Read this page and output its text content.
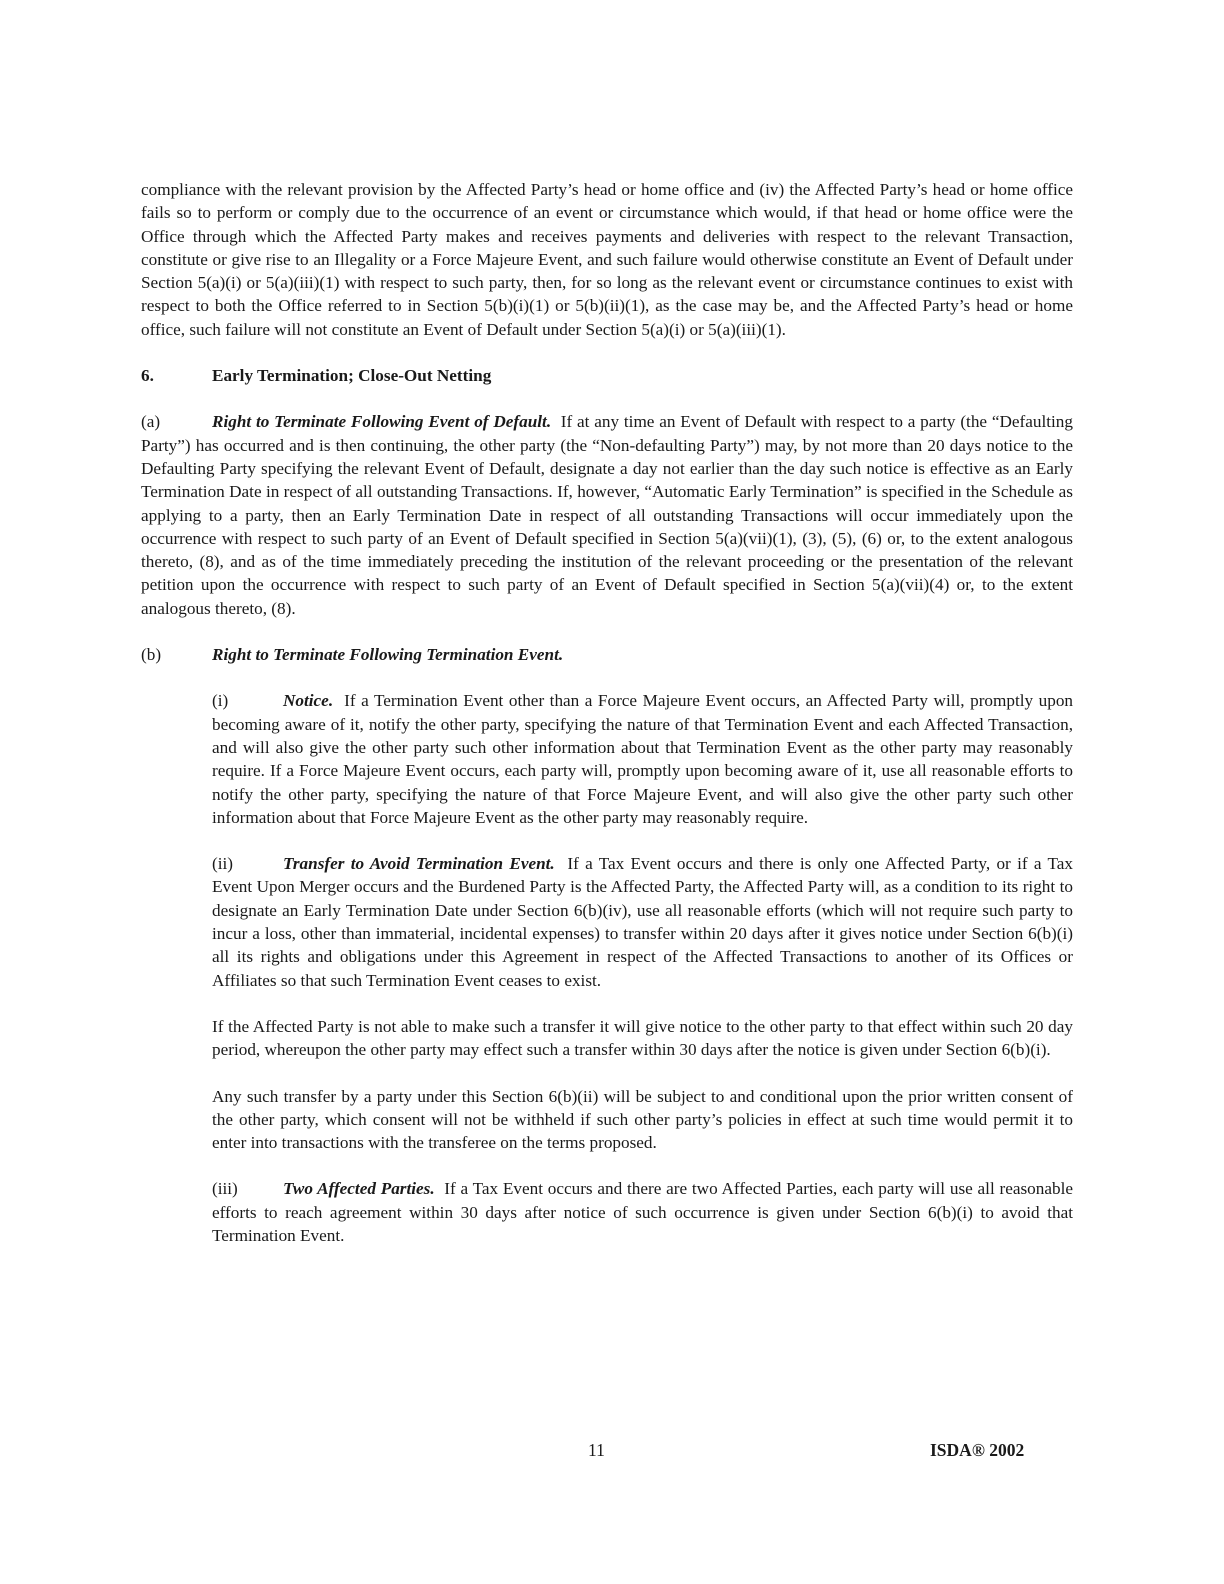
compliance with the relevant provision by the Affected Party’s head or home office and (iv) the Affected Party’s head or home office fails so to perform or comply due to the occurrence of an event or circumstance which would, if that head or home office were the Office through which the Affected Party makes and receives payments and deliveries with respect to the relevant Transaction, constitute or give rise to an Illegality or a Force Majeure Event, and such failure would otherwise constitute an Event of Default under Section 5(a)(i) or 5(a)(iii)(1) with respect to such party, then, for so long as the relevant event or circumstance continues to exist with respect to both the Office referred to in Section 5(b)(i)(1) or 5(b)(ii)(1), as the case may be, and the Affected Party’s head or home office, such failure will not constitute an Event of Default under Section 5(a)(i) or 5(a)(iii)(1).

6.	Early Termination; Close-Out Netting

(a)	Right to Terminate Following Event of Default. If at any time an Event of Default with respect to a party (the “Defaulting Party”) has occurred and is then continuing, the other party (the “Non-defaulting Party”) may, by not more than 20 days notice to the Defaulting Party specifying the relevant Event of Default, designate a day not earlier than the day such notice is effective as an Early Termination Date in respect of all outstanding Transactions. If, however, “Automatic Early Termination” is specified in the Schedule as applying to a party, then an Early Termination Date in respect of all outstanding Transactions will occur immediately upon the occurrence with respect to such party of an Event of Default specified in Section 5(a)(vii)(1), (3), (5), (6) or, to the extent analogous thereto, (8), and as of the time immediately preceding the institution of the relevant proceeding or the presentation of the relevant petition upon the occurrence with respect to such party of an Event of Default specified in Section 5(a)(vii)(4) or, to the extent analogous thereto, (8).

(b)	Right to Terminate Following Termination Event.

(i)	Notice. If a Termination Event other than a Force Majeure Event occurs, an Affected Party will, promptly upon becoming aware of it, notify the other party, specifying the nature of that Termination Event and each Affected Transaction, and will also give the other party such other information about that Termination Event as the other party may reasonably require. If a Force Majeure Event occurs, each party will, promptly upon becoming aware of it, use all reasonable efforts to notify the other party, specifying the nature of that Force Majeure Event, and will also give the other party such other information about that Force Majeure Event as the other party may reasonably require.

(ii)	Transfer to Avoid Termination Event. If a Tax Event occurs and there is only one Affected Party, or if a Tax Event Upon Merger occurs and the Burdened Party is the Affected Party, the Affected Party will, as a condition to its right to designate an Early Termination Date under Section 6(b)(iv), use all reasonable efforts (which will not require such party to incur a loss, other than immaterial, incidental expenses) to transfer within 20 days after it gives notice under Section 6(b)(i) all its rights and obligations under this Agreement in respect of the Affected Transactions to another of its Offices or Affiliates so that such Termination Event ceases to exist.

If the Affected Party is not able to make such a transfer it will give notice to the other party to that effect within such 20 day period, whereupon the other party may effect such a transfer within 30 days after the notice is given under Section 6(b)(i).

Any such transfer by a party under this Section 6(b)(ii) will be subject to and conditional upon the prior written consent of the other party, which consent will not be withheld if such other party’s policies in effect at such time would permit it to enter into transactions with the transferee on the terms proposed.

(iii)	Two Affected Parties. If a Tax Event occurs and there are two Affected Parties, each party will use all reasonable efforts to reach agreement within 30 days after notice of such occurrence is given under Section 6(b)(i) to avoid that Termination Event.

11	ISDA® 2002
